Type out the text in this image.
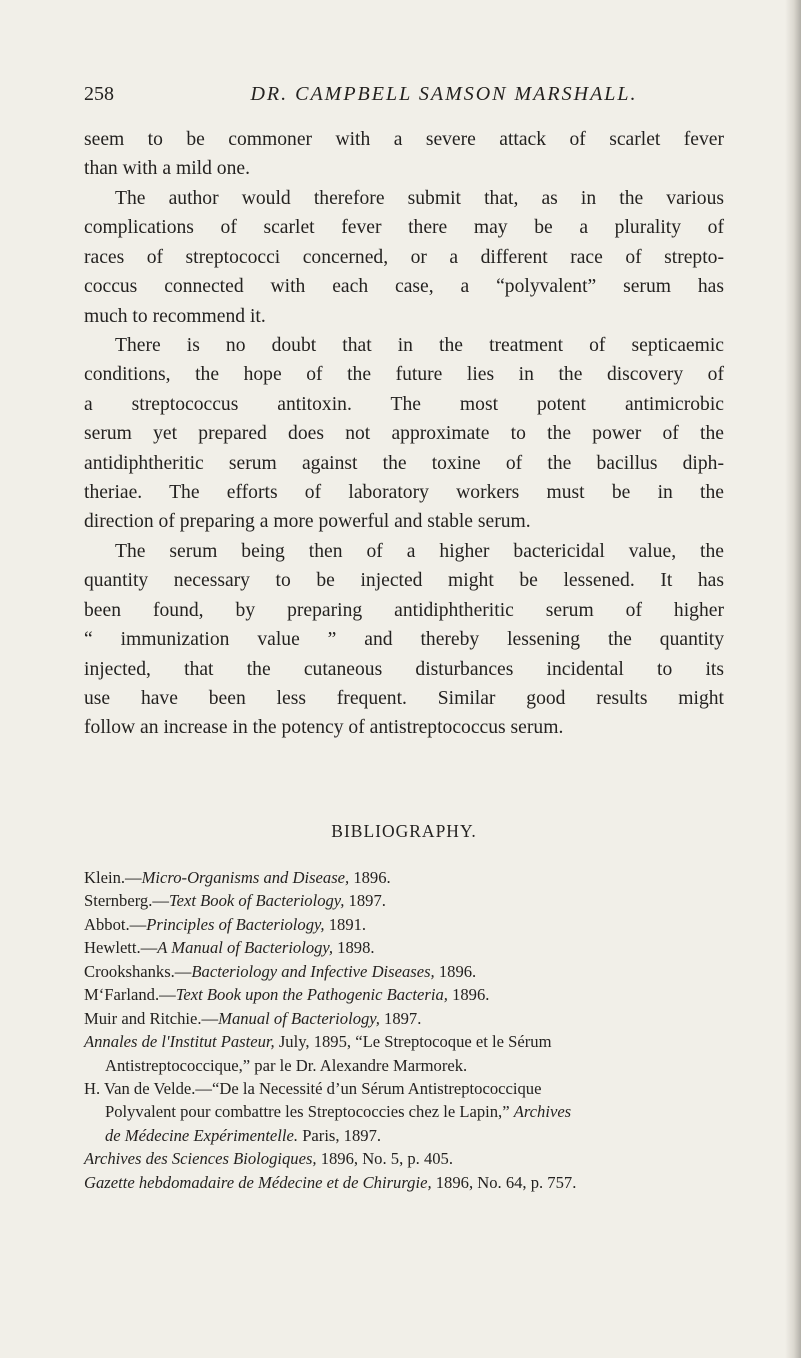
258	DR. CAMPBELL SAMSON MARSHALL.
seem to be commoner with a severe attack of scarlet fever
than with a mild one.
The author would therefore submit that, as in the various
complications of scarlet fever there may be a plurality of
races of streptococci concerned, or a different race of strepto-
coccus connected with each case, a “polyvalent” serum has
much to recommend it.
There is no doubt that in the treatment of septicaemic
conditions, the hope of the future lies in the discovery of
a streptococcus antitoxin. The most potent antimicrobic
serum yet prepared does not approximate to the power of the
antidiphtheritic serum against the toxine of the bacillus diph-
theriae. The efforts of laboratory workers must be in the
direction of preparing a more powerful and stable serum.
The serum being then of a higher bactericidal value, the
quantity necessary to be injected might be lessened. It has
been found, by preparing antidiphtheritic serum of higher
“ immunization value ” and thereby lessening the quantity
injected, that the cutaneous disturbances incidental to its
use have been less frequent. Similar good results might
follow an increase in the potency of antistreptococcus serum.
BIBLIOGRAPHY.
Klein.—Micro-Organisms and Disease, 1896.
Sternberg.—Text Book of Bacteriology, 1897.
Abbot.—Principles of Bacteriology, 1891.
Hewlett.—A Manual of Bacteriology, 1898.
Crookshanks.—Bacteriology and Infective Diseases, 1896.
M‘Farland.—Text Book upon the Pathogenic Bacteria, 1896.
Muir and Ritchie.—Manual of Bacteriology, 1897.
Annales de l'Institut Pasteur, July, 1895, “Le Streptocoque et le Sérum
Antistreptococcique,” par le Dr. Alexandre Marmorek.
H. Van de Velde.—“De la Necessité d’un Sérum Antistreptococcique
Polyvalent pour combattre les Streptococcies chez le Lapin,” Archives
de Médecine Expérimentelle. Paris, 1897.
Archives des Sciences Biologiques, 1896, No. 5, p. 405.
Gazette hebdomadaire de Médecine et de Chirurgie, 1896, No. 64, p. 757.
